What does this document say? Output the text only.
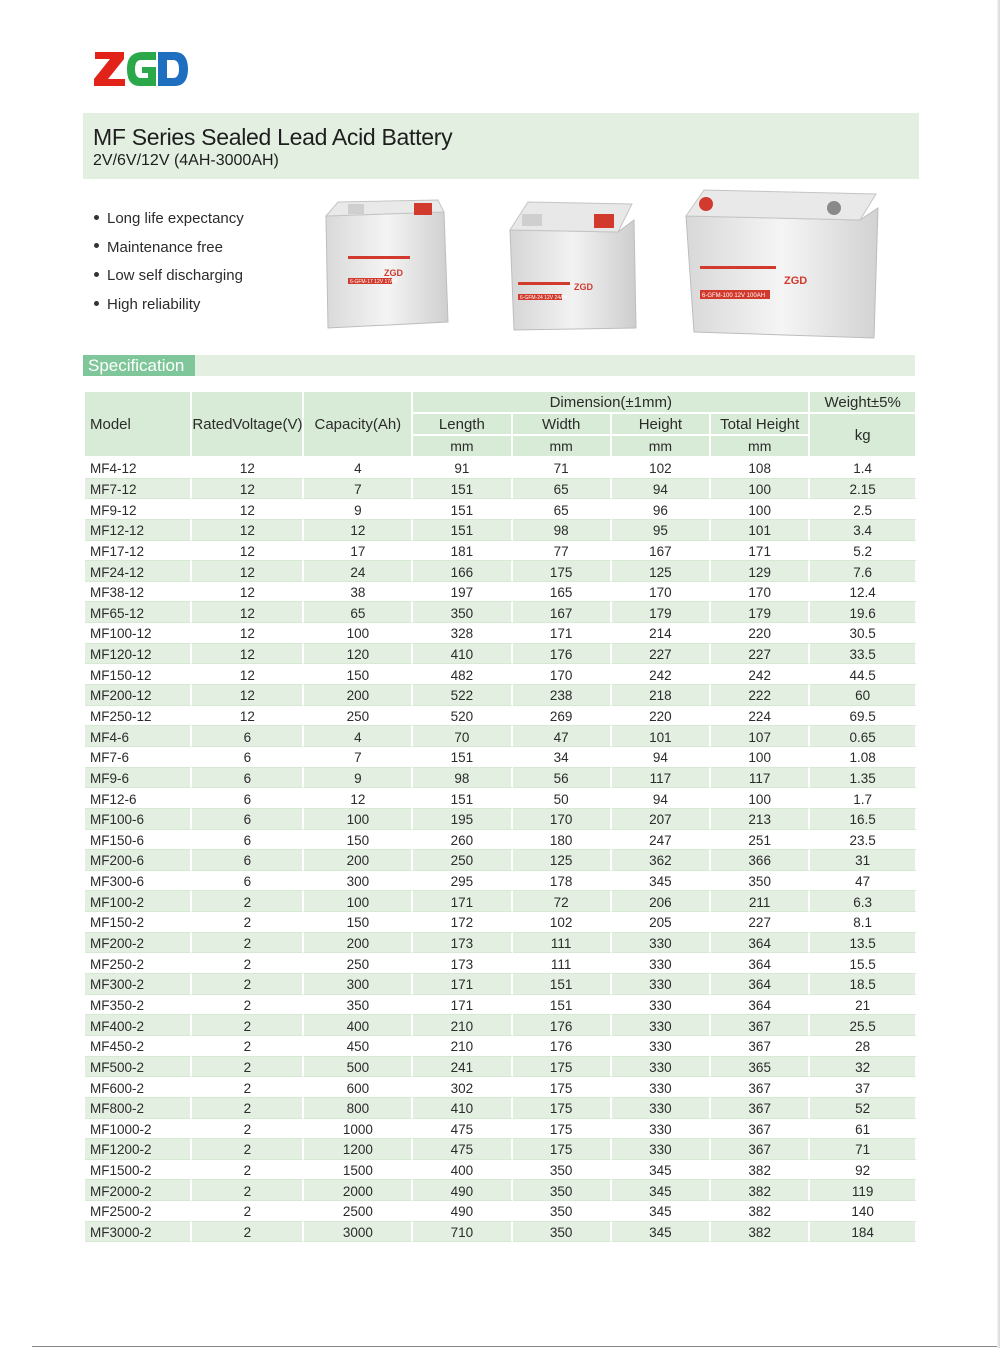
MF Series Sealed Lead Acid Battery
2V/6V/12V (4AH-3000AH)
Long life expectancy
Maintenance free
Low self discharging
High reliability
6-GFM-17 12V 17AH
ZGD
6-GFM-24 12V 24AH
ZGD
6-GFM-100 12V 100AH
ZGD
Specification
Model	RatedVoltage(V)	Capacity(Ah)	Dimension(±1mm)				Weight±5%
			Length	Width	Height	Total Height	kg
			mm	mm	mm	mm	
MF4-12	12	4	91	71	102	108	1.4
MF7-12	12	7	151	65	94	100	2.15
MF9-12	12	9	151	65	96	100	2.5
MF12-12	12	12	151	98	95	101	3.4
MF17-12	12	17	181	77	167	171	5.2
MF24-12	12	24	166	175	125	129	7.6
MF38-12	12	38	197	165	170	170	12.4
MF65-12	12	65	350	167	179	179	19.6
MF100-12	12	100	328	171	214	220	30.5
MF120-12	12	120	410	176	227	227	33.5
MF150-12	12	150	482	170	242	242	44.5
MF200-12	12	200	522	238	218	222	60
MF250-12	12	250	520	269	220	224	69.5
MF4-6	6	4	70	47	101	107	0.65
MF7-6	6	7	151	34	94	100	1.08
MF9-6	6	9	98	56	117	117	1.35
MF12-6	6	12	151	50	94	100	1.7
MF100-6	6	100	195	170	207	213	16.5
MF150-6	6	150	260	180	247	251	23.5
MF200-6	6	200	250	125	362	366	31
MF300-6	6	300	295	178	345	350	47
MF100-2	2	100	171	72	206	211	6.3
MF150-2	2	150	172	102	205	227	8.1
MF200-2	2	200	173	111	330	364	13.5
MF250-2	2	250	173	111	330	364	15.5
MF300-2	2	300	171	151	330	364	18.5
MF350-2	2	350	171	151	330	364	21
MF400-2	2	400	210	176	330	367	25.5
MF450-2	2	450	210	176	330	367	28
MF500-2	2	500	241	175	330	365	32
MF600-2	2	600	302	175	330	367	37
MF800-2	2	800	410	175	330	367	52
MF1000-2	2	1000	475	175	330	367	61
MF1200-2	2	1200	475	175	330	367	71
MF1500-2	2	1500	400	350	345	382	92
MF2000-2	2	2000	490	350	345	382	119
MF2500-2	2	2500	490	350	345	382	140
MF3000-2	2	3000	710	350	345	382	184
